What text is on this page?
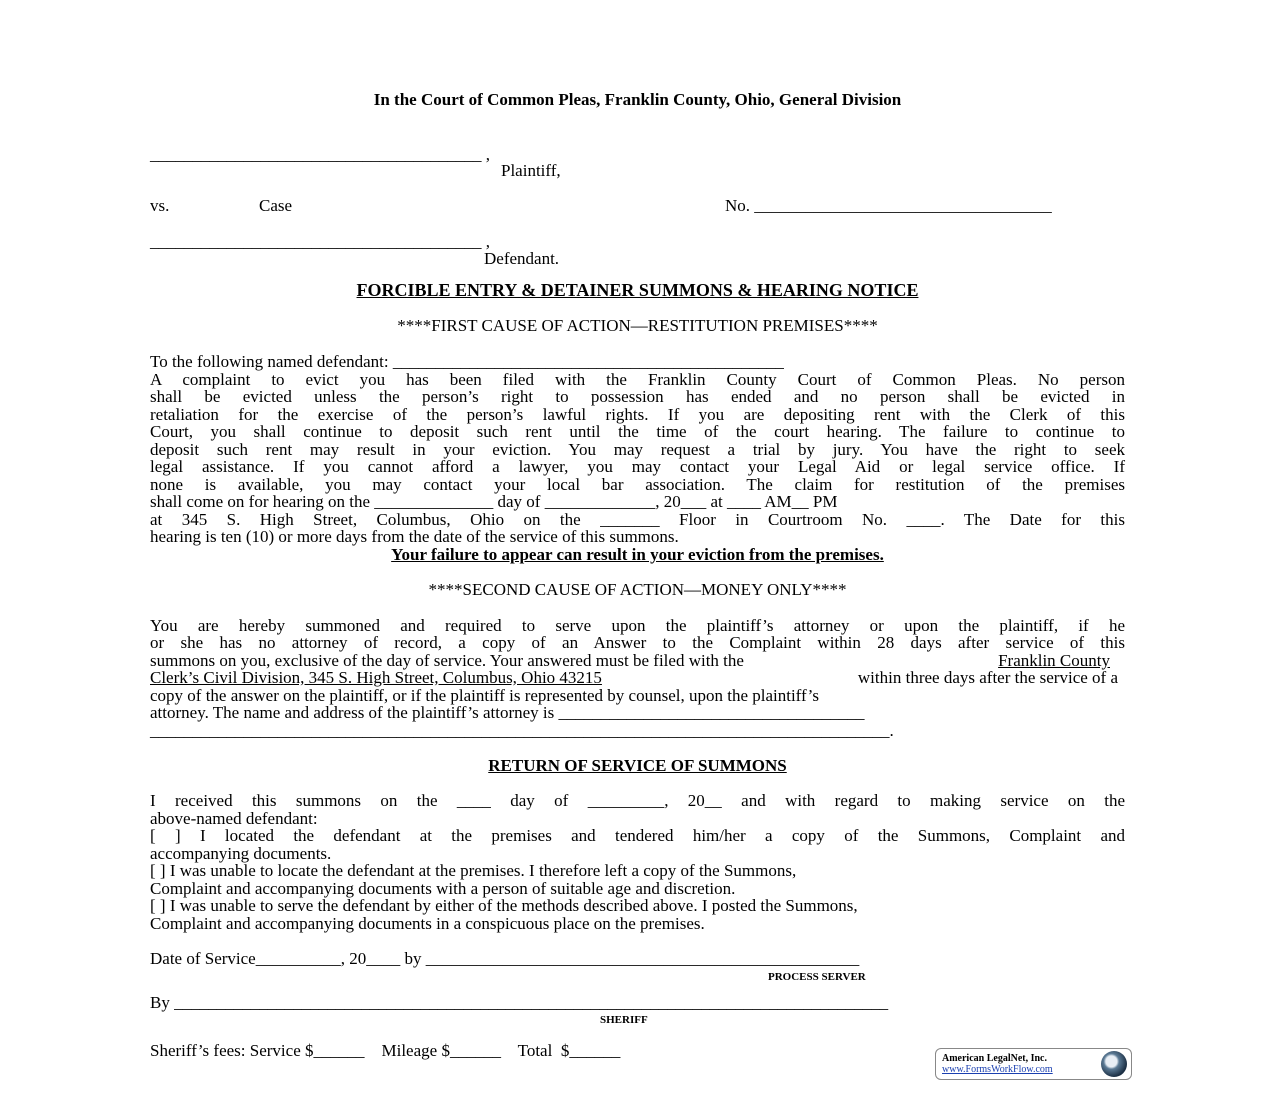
In the Court of Common Pleas, Franklin County, Ohio, General Division
_______________________________________ ,
Plaintiff,
vs.	Case	No. ___________________________________
_______________________________________ ,
Defendant.
FORCIBLE ENTRY & DETAINER SUMMONS & HEARING NOTICE
****FIRST CAUSE OF ACTION—RESTITUTION PREMISES****
To the following named defendant: ______________________________________________
A complaint to evict you has been filed with the Franklin County Court of Common Pleas. No person
shall be evicted unless the person’s right to possession has ended and no person shall be evicted in
retaliation for the exercise of the person’s lawful rights. If you are depositing rent with the Clerk of this
Court, you shall continue to deposit such rent until the time of the court hearing. The failure to continue to
deposit such rent may result in your eviction. You may request a trial by jury. You have the right to seek
legal assistance. If you cannot afford a lawyer, you may contact your Legal Aid or legal service office. If
none is available, you may contact your local bar association. The claim for restitution of the premises
shall come on for hearing on the ______________ day of _____________, 20___ at ____ AM__ PM
at 345 S. High Street, Columbus, Ohio on the _______ Floor in Courtroom No. ____. The Date for this
hearing is ten (10) or more days from the date of the service of this summons.
Your failure to appear can result in your eviction from the premises.
****SECOND CAUSE OF ACTION—MONEY ONLY****
You are hereby summoned and required to serve upon the plaintiff’s attorney or upon the plaintiff, if he
or she has no attorney of record, a copy of an Answer to the Complaint within 28 days after service of this
summons on you, exclusive of the day of service. Your answered must be filed with the	Franklin County
Clerk’s Civil Division, 345 S. High Street, Columbus, Ohio 43215	within three days after the service of a
copy of the answer on the plaintiff, or if the plaintiff is represented by counsel, upon the plaintiff’s
attorney. The name and address of the plaintiff’s attorney is ____________________________________
_______________________________________________________________________________________.
RETURN OF SERVICE OF SUMMONS
I received this summons on the ____ day of _________, 20__ and with regard to making service on the
above-named defendant:
[ ] I located the defendant at the premises and tendered him/her a copy of the Summons, Complaint and
accompanying documents.
[ ] I was unable to locate the defendant at the premises. I therefore left a copy of the Summons,
Complaint and accompanying documents with a person of suitable age and discretion.
[ ] I was unable to serve the defendant by either of the methods described above. I posted the Summons,
Complaint and accompanying documents in a conspicuous place on the premises.
Date of Service__________, 20____ by ___________________________________________________
PROCESS SERVER
By ____________________________________________________________________________________
SHERIFF
Sheriff’s fees: Service $______    Mileage $______    Total  $______	American LegalNet, Inc.
www.FormsWorkFlow.com
